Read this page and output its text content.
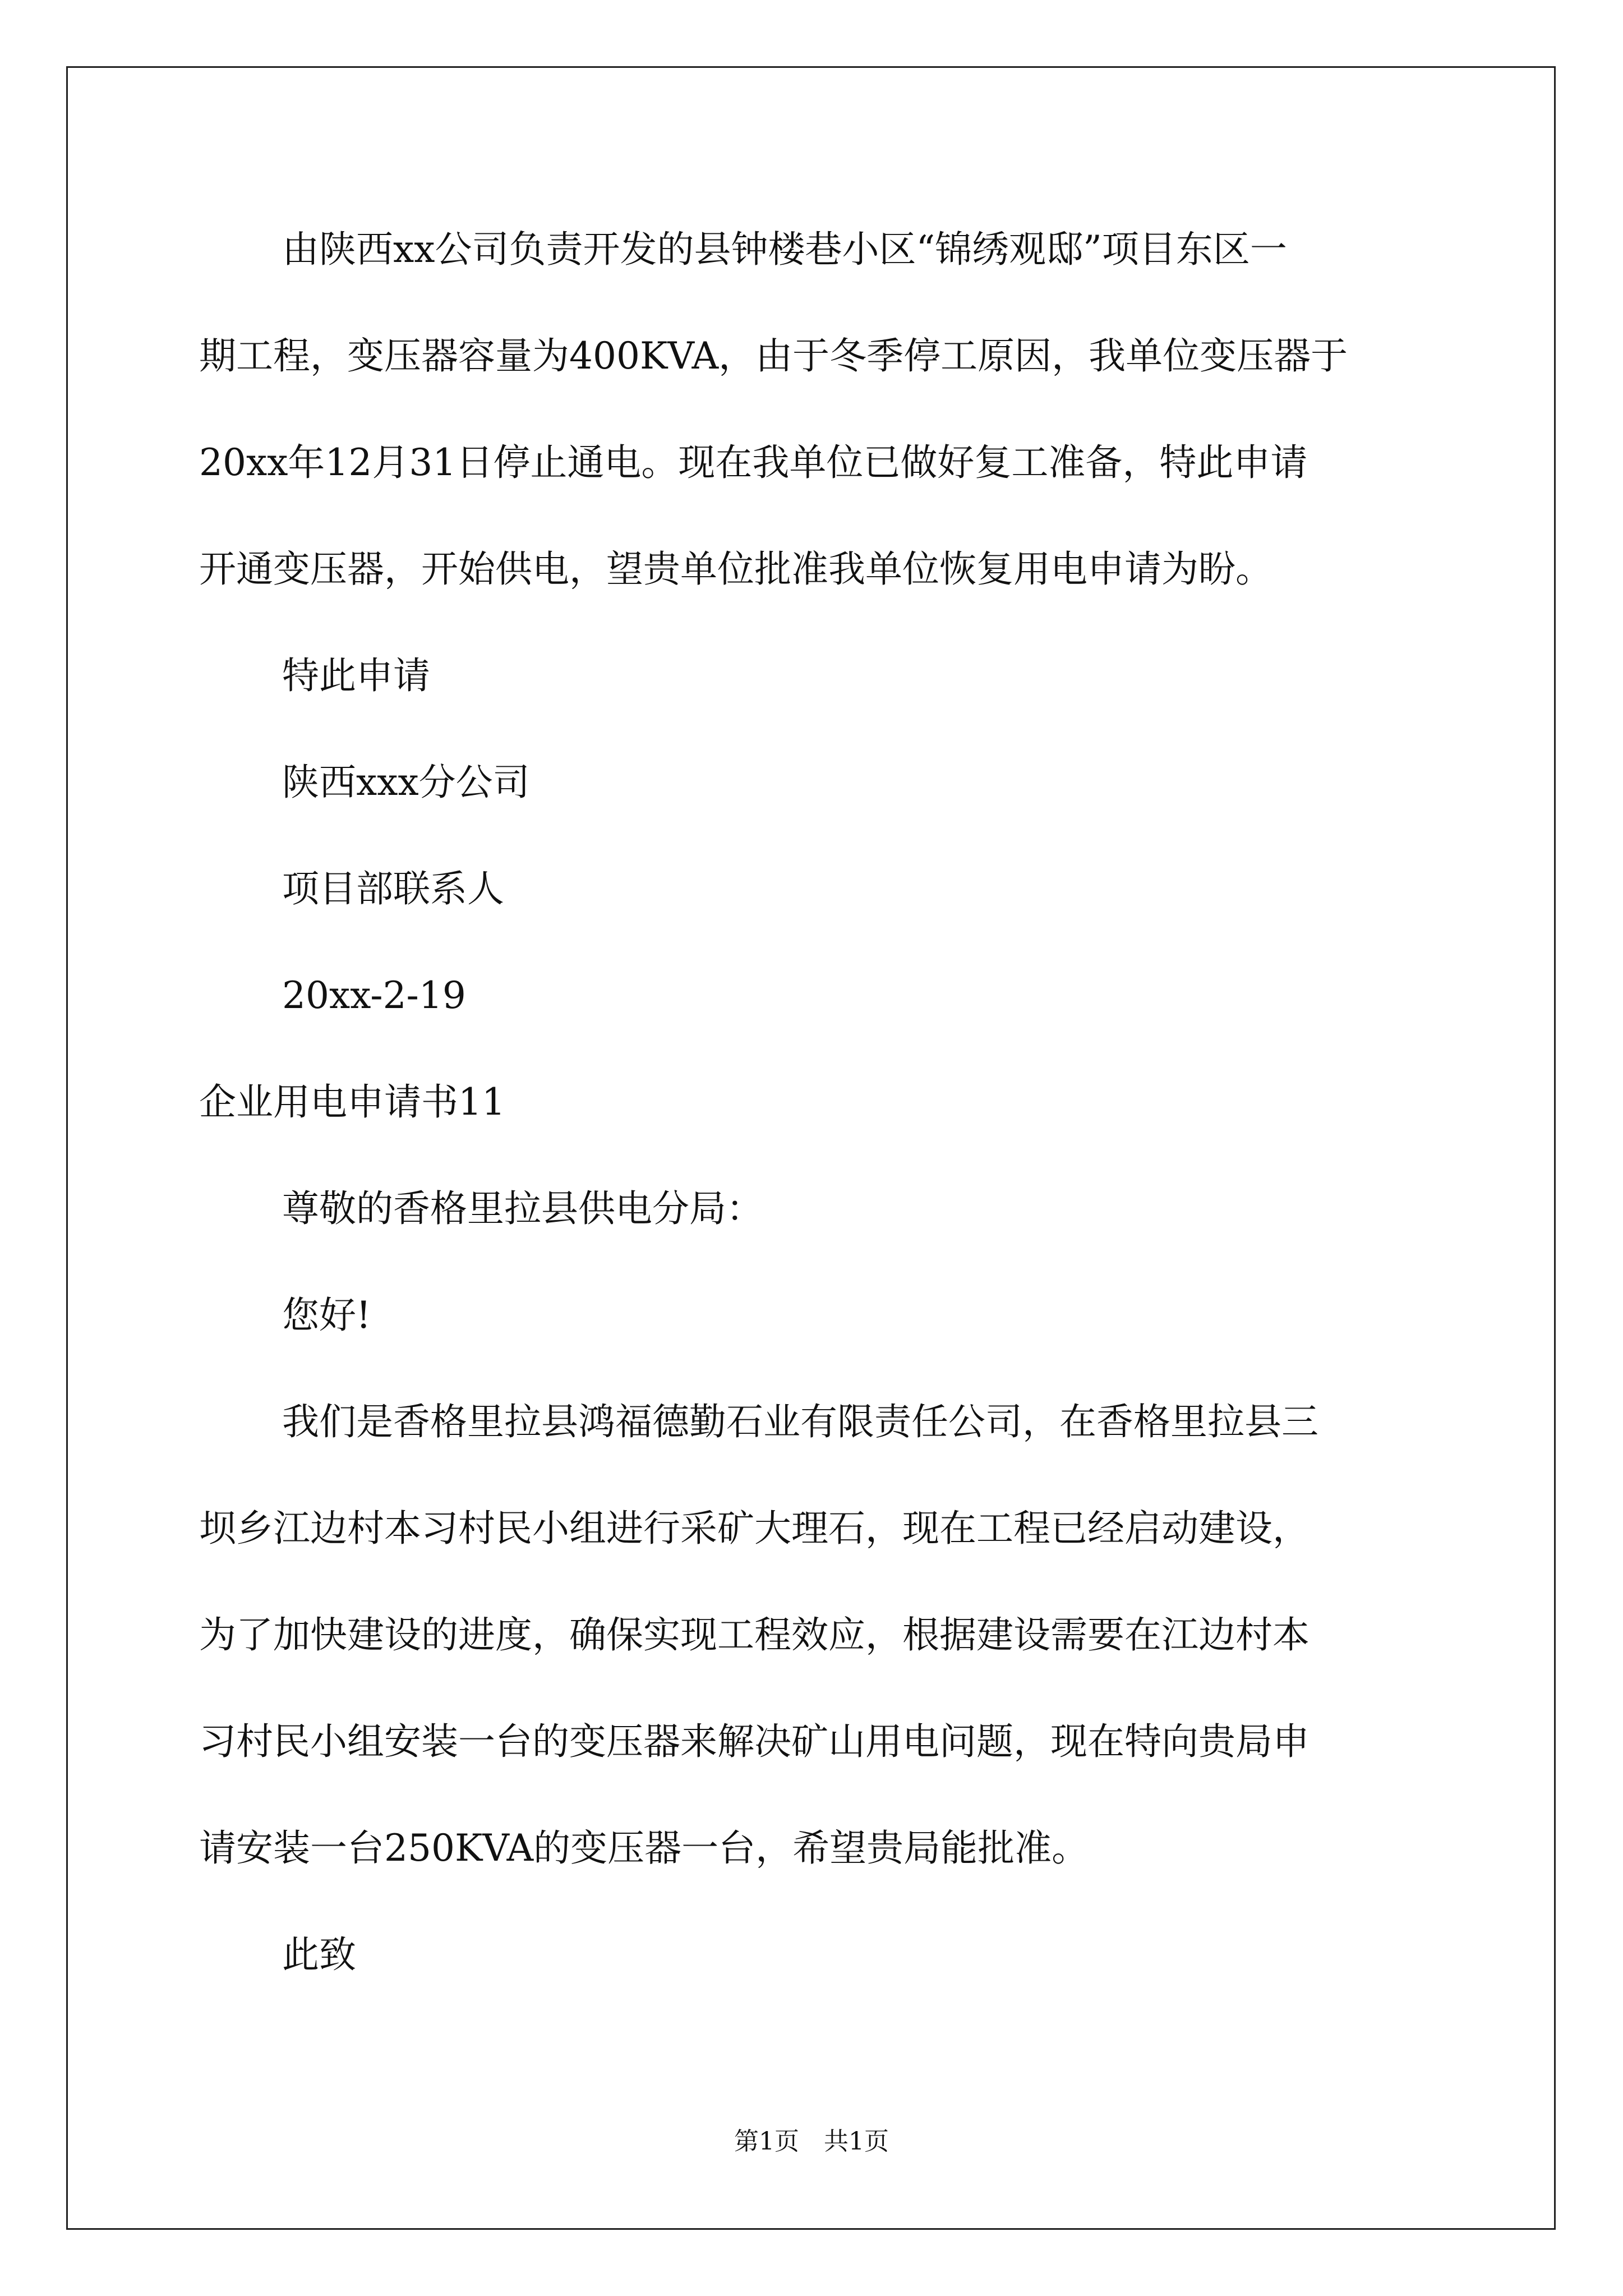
由陕西xx公司负责开发的县钟楼巷小区“锦绣观邸”项目东区一
期工程，变压器容量为400KVA，由于冬季停工原因，我单位变压器于
20xx年12月31日停止通电。现在我单位已做好复工准备，特此申请
开通变压器，开始供电，望贵单位批准我单位恢复用电申请为盼。
特此申请
陕西xxx分公司
项目部联系人
20xx-2-19
企业用电申请书11
尊敬的香格里拉县供电分局：
您好!
我们是香格里拉县鸿福德勤石业有限责任公司，在香格里拉县三
坝乡江边村本习村民小组进行采矿大理石，现在工程已经启动建设，
为了加快建设的进度，确保实现工程效应，根据建设需要在江边村本
习村民小组安装一台的变压器来解决矿山用电问题，现在特向贵局申
请安装一台250KVA的变压器一台，希望贵局能批准。
此致
第1页　共1页
